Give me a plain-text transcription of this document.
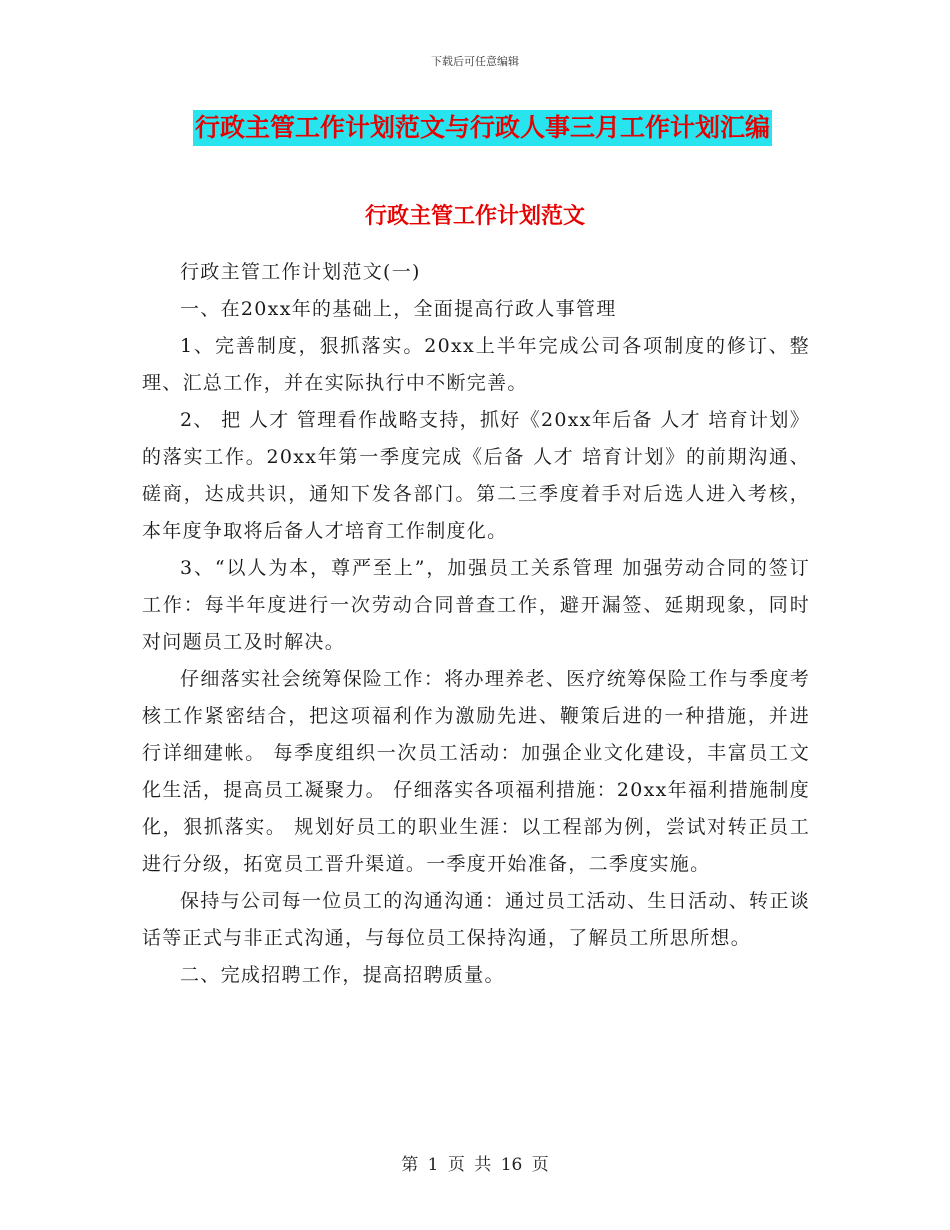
下载后可任意编辑
行政主管工作计划范文与行政人事三月工作计划汇编
行政主管工作计划范文

行政主管工作计划范文(一)

一、在20xx年的基础上，全面提高行政人事管理

1、完善制度，狠抓落实。20xx上半年完成公司各项制度的修订、整理、汇总工作，并在实际执行中不断完善。

2、 把 人才 管理看作战略支持，抓好《20xx年后备 人才 培育计划》的落实工作。20xx年第一季度完成《后备 人才 培育计划》的前期沟通、磋商，达成共识，通知下发各部门。第二三季度着手对后选人进入考核，本年度争取将后备人才培育工作制度化。

3、“以人为本，尊严至上”，加强员工关系管理 加强劳动合同的签订工作：每半年度进行一次劳动合同普查工作，避开漏签、延期现象，同时对问题员工及时解决。

仔细落实社会统筹保险工作：将办理养老、医疗统筹保险工作与季度考核工作紧密结合，把这项福利作为激励先进、鞭策后进的一种措施，并进行详细建帐。 每季度组织一次员工活动：加强企业文化建设，丰富员工文化生活，提高员工凝聚力。 仔细落实各项福利措施：20xx年福利措施制度化，狠抓落实。 规划好员工的职业生涯：以工程部为例，尝试对转正员工进行分级，拓宽员工晋升渠道。一季度开始准备，二季度实施。

保持与公司每一位员工的沟通沟通：通过员工活动、生日活动、转正谈话等正式与非正式沟通，与每位员工保持沟通，了解员工所思所想。

二、完成招聘工作，提高招聘质量。

第 1 页 共 16 页
